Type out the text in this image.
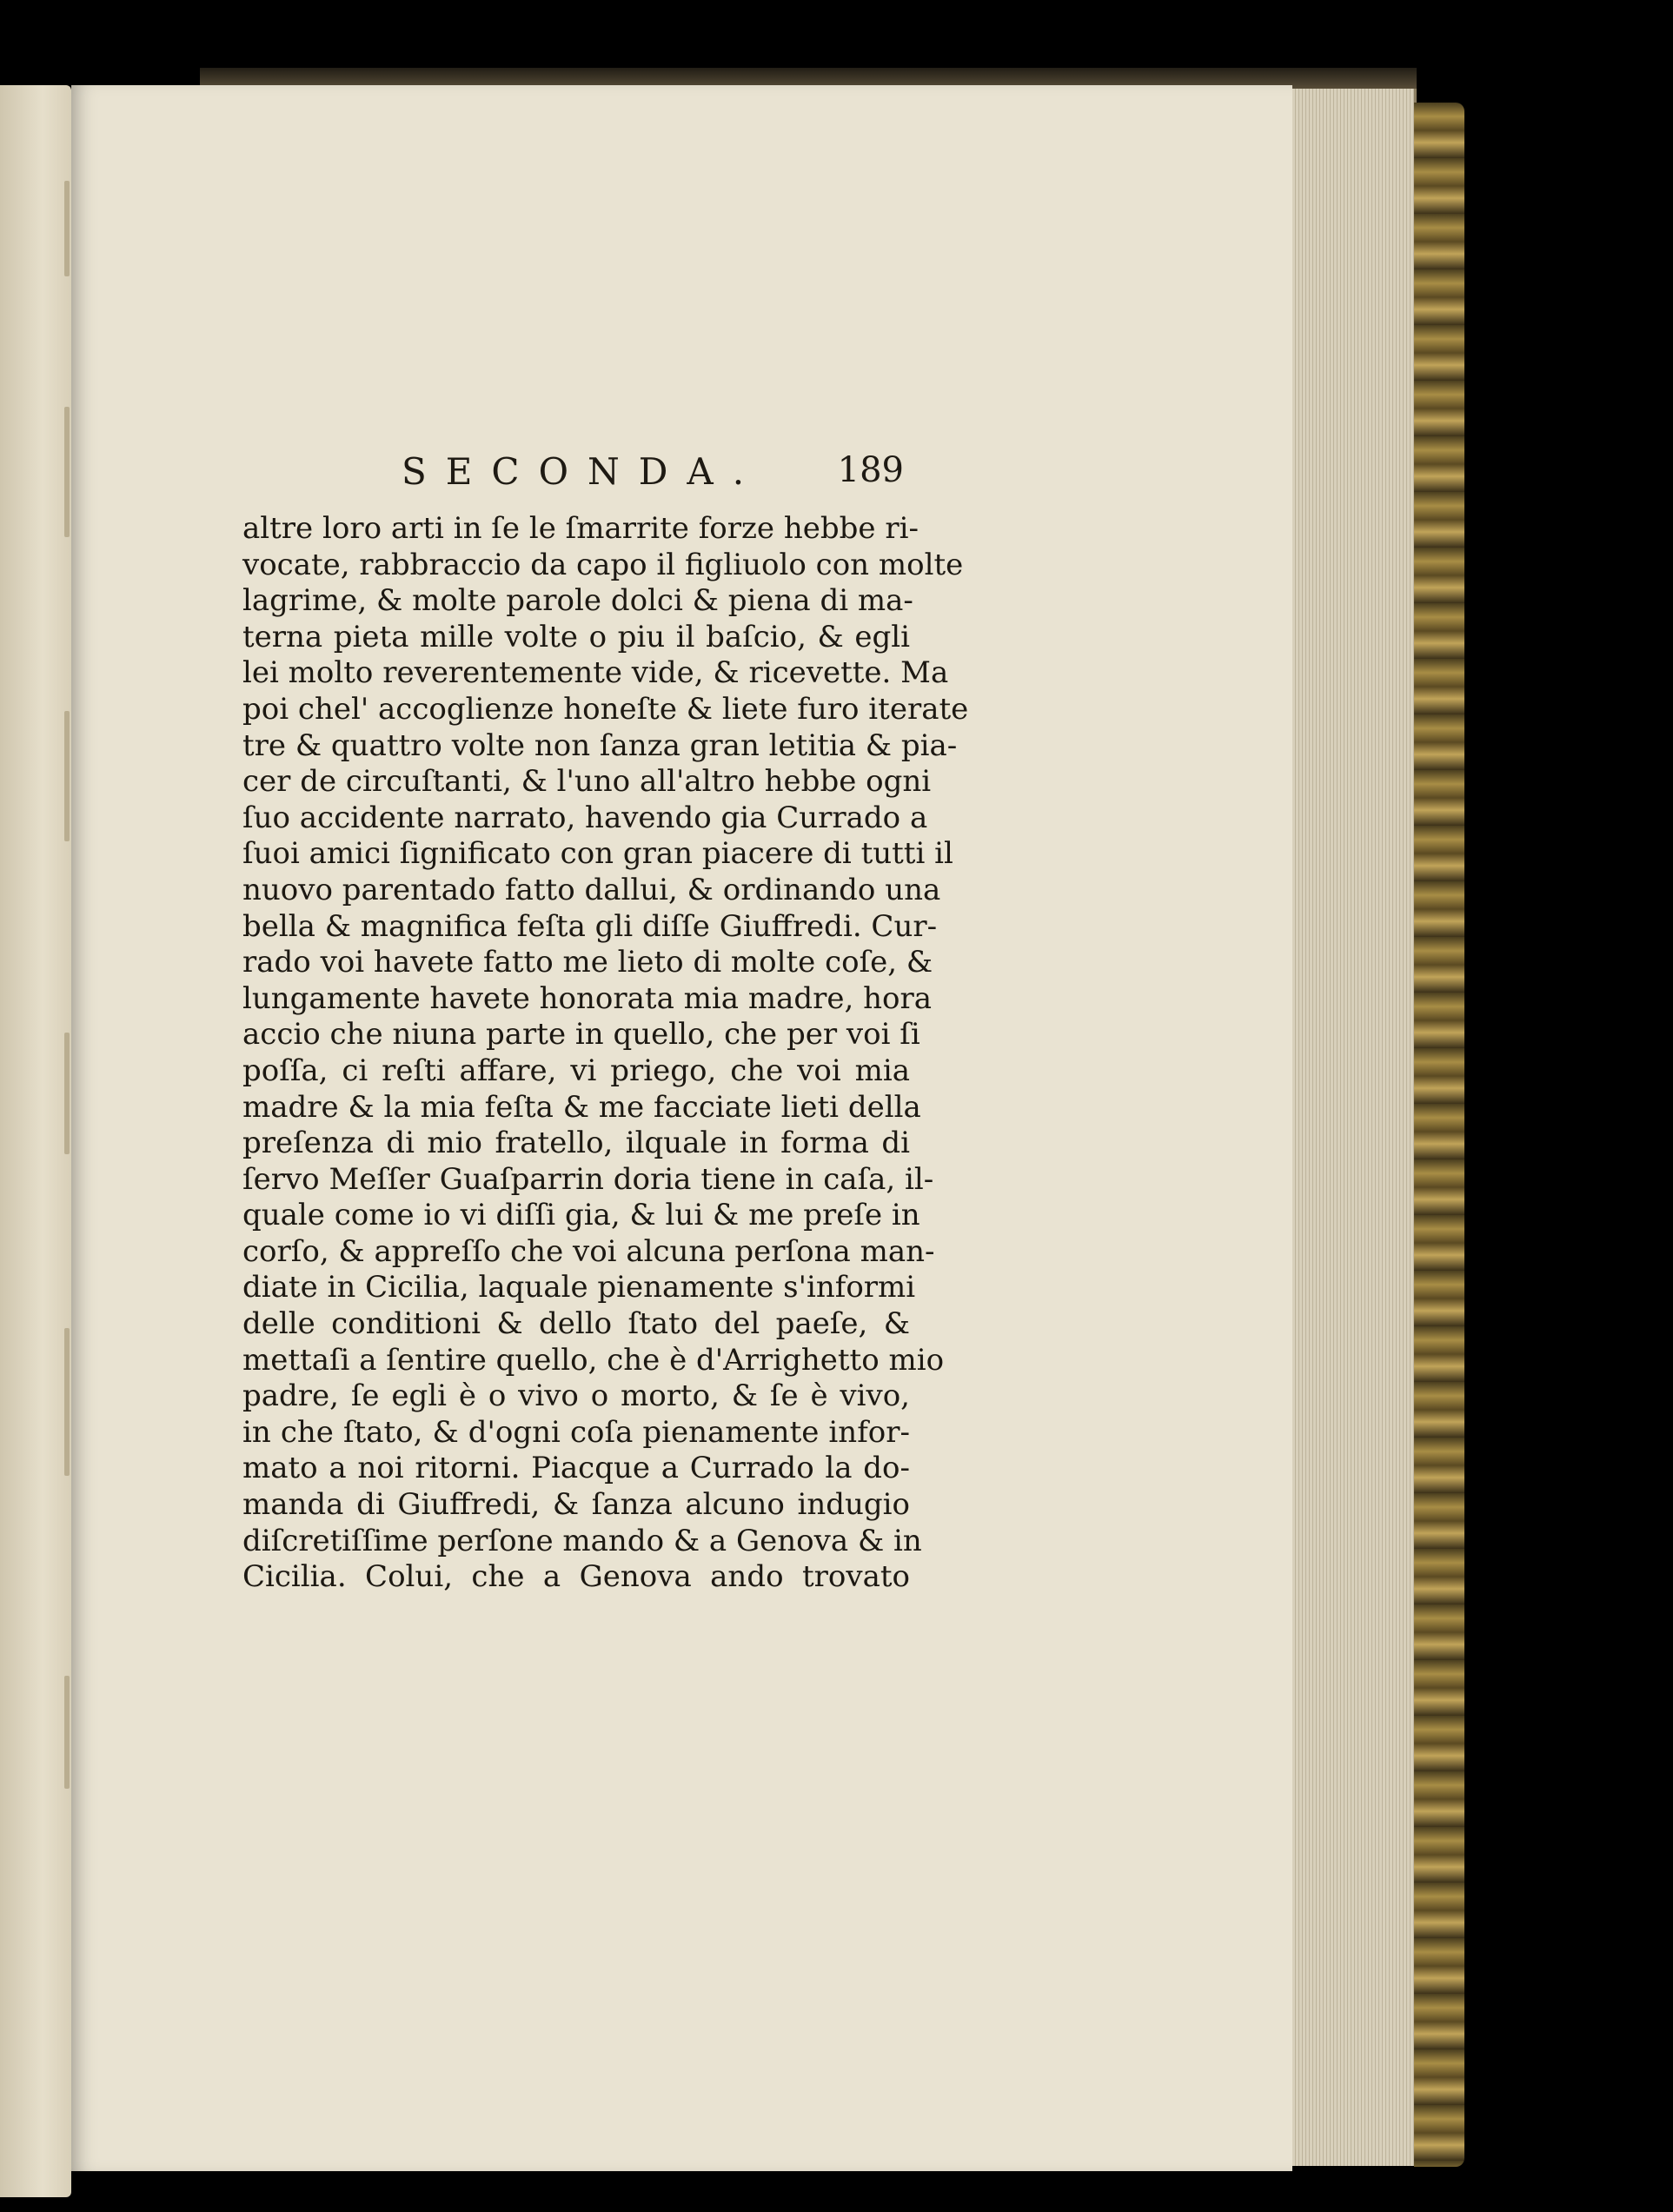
SECONDA. 189
altre loro arti in ſe le ſmarrite forze hebbe ri-
vocate, rabbraccio da capo il figliuolo con molte
lagrime, & molte parole dolci & piena di ma-
terna pieta mille volte o piu il baſcio, & egli
lei molto reverentemente vide, & ricevette. Ma
poi chel' accoglienze honeſte & liete furo iterate
tre & quattro volte non ſanza gran letitia & pia-
cer de circuſtanti, & l'uno all'altro hebbe ogni
ſuo accidente narrato, havendo gia Currado a
ſuoi amici ſignificato con gran piacere di tutti il
nuovo parentado fatto dallui, & ordinando una
bella & magnifica feſta gli diſſe Giuffredi. Cur-
rado voi havete fatto me lieto di molte coſe, &
lungamente havete honorata mia madre, hora
accio che niuna parte in quello, che per voi ſi
poſſa, ci reſti affare, vi priego, che voi mia
madre & la mia feſta & me facciate lieti della
preſenza di mio fratello, ilquale in forma di
ſervo Meſſer Guaſparrin doria tiene in caſa, il-
quale come io vi diſſi gia, & lui & me preſe in
corſo, & appreſſo che voi alcuna perſona man-
diate in Cicilia, laquale pienamente s'informi
delle conditioni & dello ſtato del paeſe, &
mettaſi a ſentire quello, che è d'Arrighetto mio
padre, ſe egli è o vivo o morto, & ſe è vivo,
in che ſtato, & d'ogni coſa pienamente infor-
mato a noi ritorni. Piacque a Currado la do-
manda di Giuffredi, & ſanza alcuno indugio
diſcretiſſime perſone mando & a Genova & in
Cicilia. Colui, che a Genova ando trovato
